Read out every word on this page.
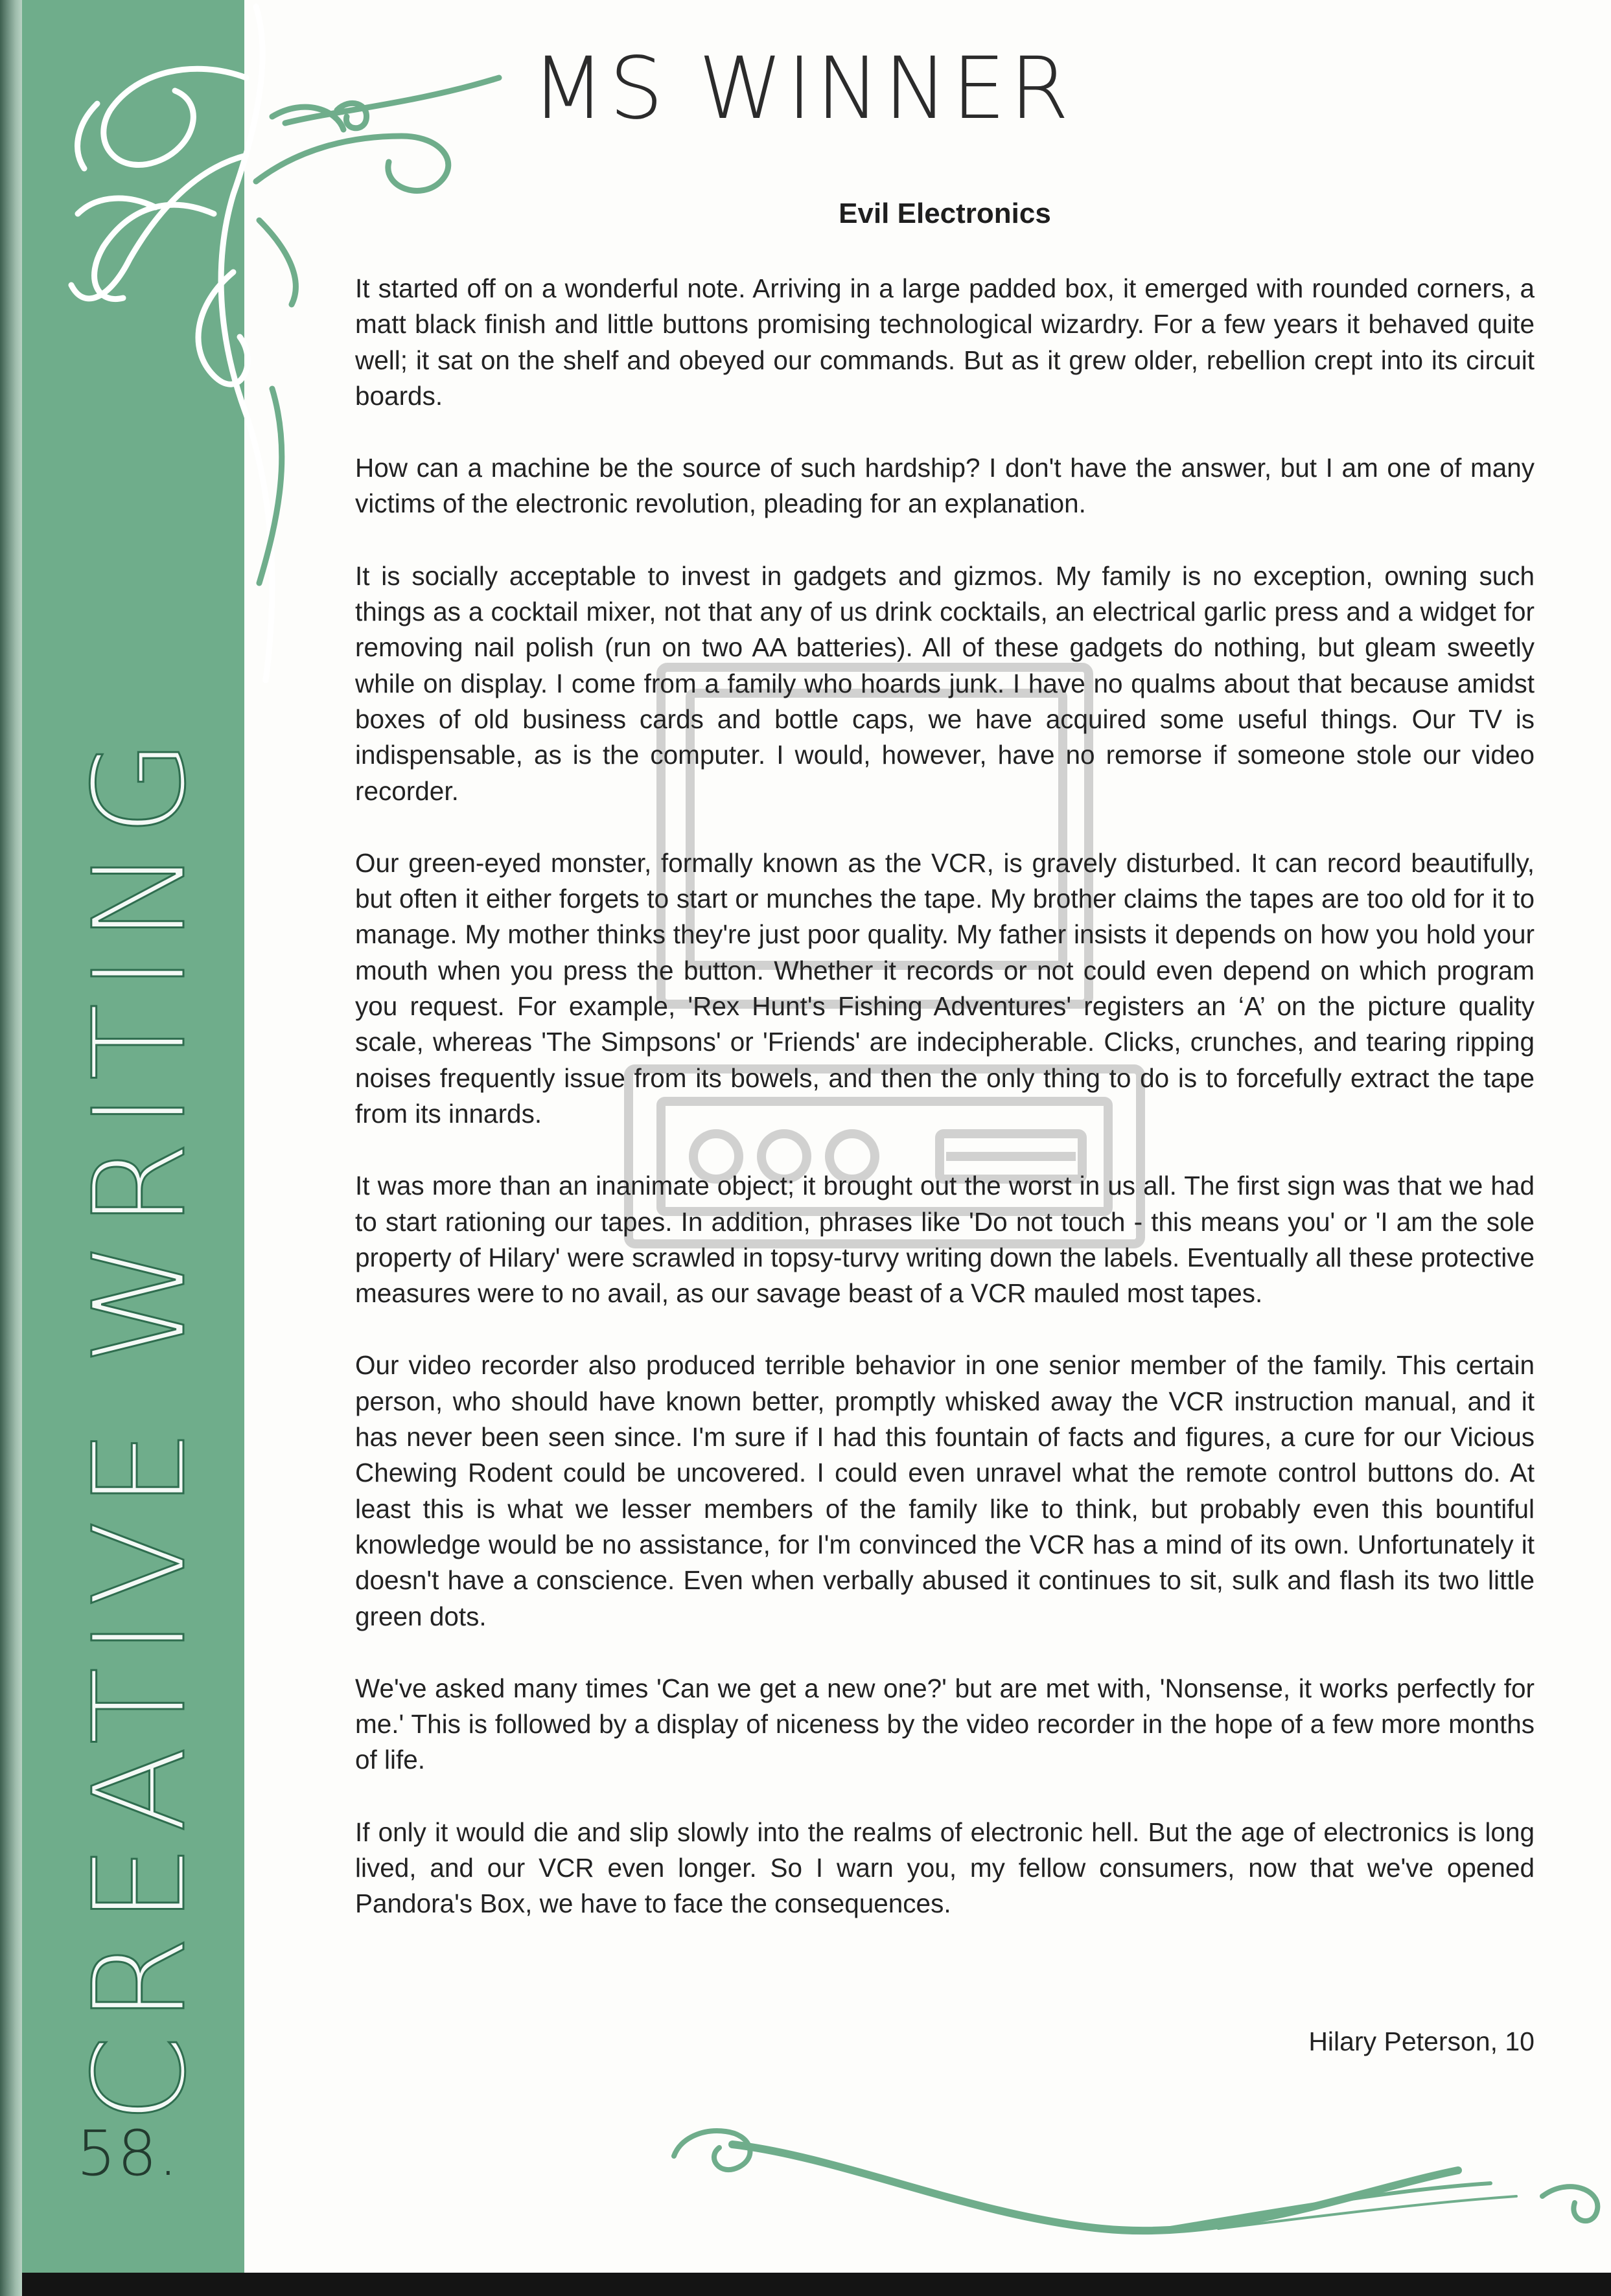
CREATIVE WRITING
58.
MS WINNER
Evil Electronics

It started off on a wonderful note. Arriving in a large padded box, it emerged with rounded corners, a matt black finish and little buttons promising technological wizardry. For a few years it behaved quite well; it sat on the shelf and obeyed our commands. But as it grew older, rebellion crept into its circuit boards.

How can a machine be the source of such hardship? I don't have the answer, but I am one of many victims of the electronic revolution, pleading for an explanation.

It is socially acceptable to invest in gadgets and gizmos. My family is no exception, owning such things as a cocktail mixer, not that any of us drink cocktails, an electrical garlic press and a widget for removing nail polish (run on two AA batteries). All of these gadgets do nothing, but gleam sweetly while on display. I come from a family who hoards junk. I have no qualms about that because amidst boxes of old business cards and bottle caps, we have acquired some useful things. Our TV is indispensable, as is the computer. I would, however, have no remorse if someone stole our video recorder.

Our green-eyed monster, formally known as the VCR, is gravely disturbed. It can record beautifully, but often it either forgets to start or munches the tape. My brother claims the tapes are too old for it to manage. My mother thinks they're just poor quality. My father insists it depends on how you hold your mouth when you press the button. Whether it records or not could even depend on which program you request. For example, 'Rex Hunt's Fishing Adventures' registers an ‘A’ on the picture quality scale, whereas 'The Simpsons' or 'Friends' are indecipherable. Clicks, crunches, and tearing ripping noises frequently issue from its bowels, and then the only thing to do is to forcefully extract the tape from its innards.

It was more than an inanimate object; it brought out the worst in us all. The first sign was that we had to start rationing our tapes. In addition, phrases like 'Do not touch - this means you' or 'I am the sole property of Hilary' were scrawled in topsy-turvy writing down the labels. Eventually all these protective measures were to no avail, as our savage beast of a VCR mauled most tapes.

Our video recorder also produced terrible behavior in one senior member of the family. This certain person, who should have known better, promptly whisked away the VCR instruction manual, and it has never been seen since. I'm sure if I had this fountain of facts and figures, a cure for our Vicious Chewing Rodent could be uncovered. I could even unravel what the remote control buttons do. At least this is what we lesser members of the family like to think, but probably even this bountiful knowledge would be no assistance, for I'm convinced the VCR has a mind of its own. Unfortunately it doesn't have a conscience. Even when verbally abused it continues to sit, sulk and flash its two little green dots.

We've asked many times 'Can we get a new one?' but are met with, 'Nonsense, it works perfectly for me.' This is followed by a display of niceness by the video recorder in the hope of a few more months of life.

If only it would die and slip slowly into the realms of electronic hell. But the age of electronics is long lived, and our VCR even longer. So I warn you, my fellow consumers, now that we've opened Pandora's Box, we have to face the consequences.

Hilary Peterson, 10
